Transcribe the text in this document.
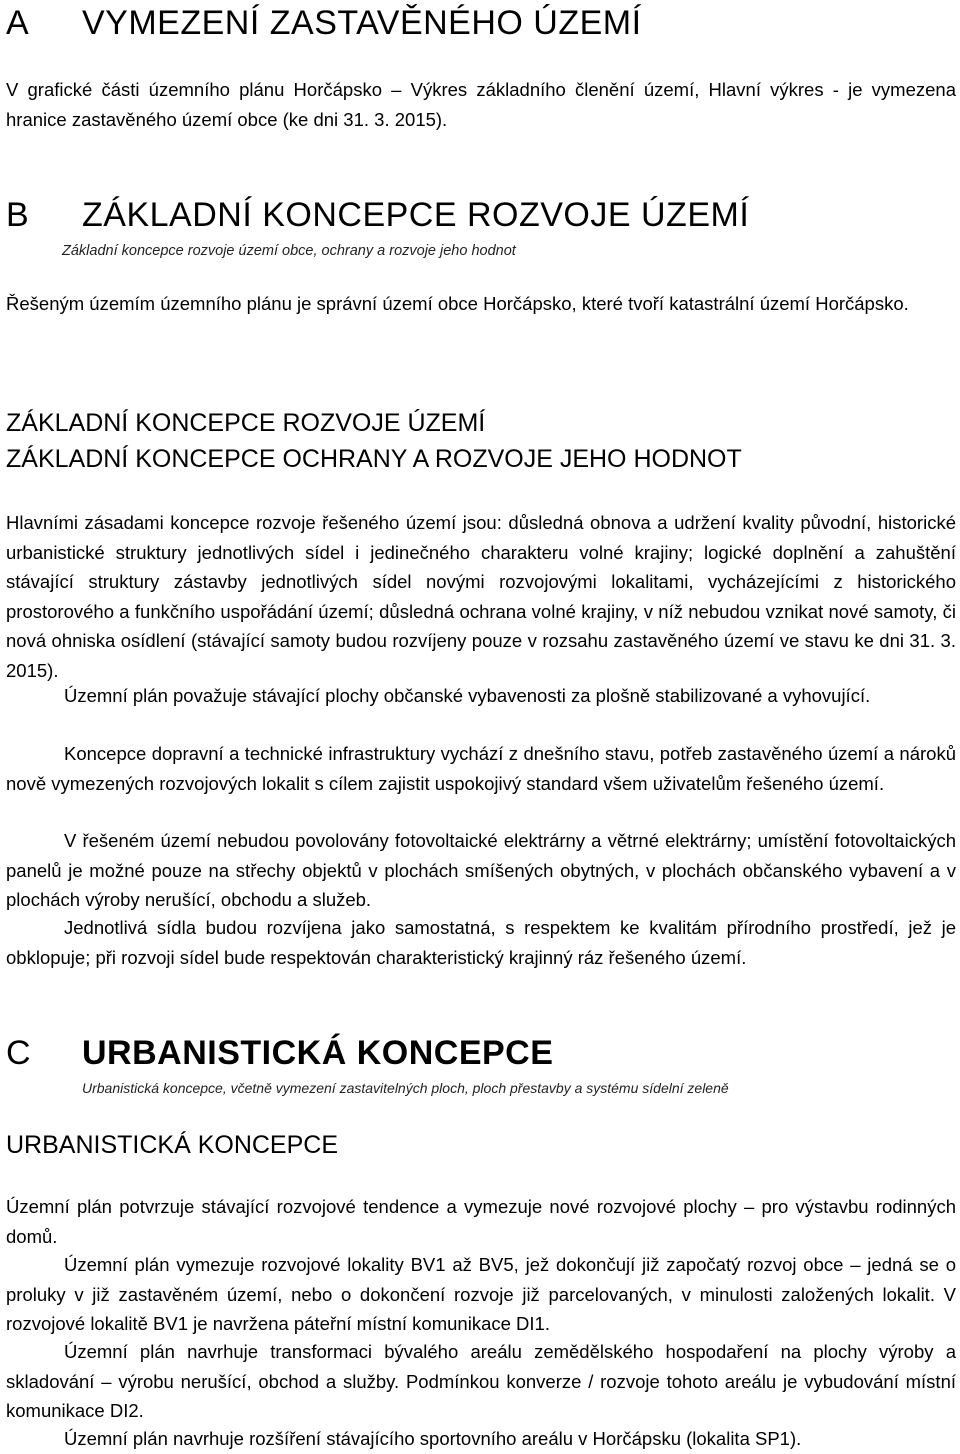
A VYMEZENÍ ZASTAVĚNÉHO ÚZEMÍ
V grafické části územního plánu Horčápsko – Výkres základního členění území, Hlavní výkres - je vymezena hranice zastavěného území obce (ke dni 31. 3. 2015).
B ZÁKLADNÍ KONCEPCE ROZVOJE ÚZEMÍ
Základní koncepce rozvoje území obce, ochrany a rozvoje jeho hodnot
Řešeným územím územního plánu je správní území obce Horčápsko, které tvoří katastrální území Horčápsko.
ZÁKLADNÍ KONCEPCE ROZVOJE ÚZEMÍ
ZÁKLADNÍ KONCEPCE OCHRANY A ROZVOJE JEHO HODNOT
Hlavními zásadami koncepce rozvoje řešeného území jsou: důsledná obnova a udržení kvality původní, historické urbanistické struktury jednotlivých sídel i jedinečného charakteru volné krajiny; logické doplnění a zahuštění stávající struktury zástavby jednotlivých sídel novými rozvojovými lokalitami, vycházejícími z historického prostorového a funkčního uspořádání území; důsledná ochrana volné krajiny, v níž nebudou vznikat nové samoty, či nová ohniska osídlení (stávající samoty budou rozvíjeny pouze v rozsahu zastavěného území ve stavu ke dni 31. 3. 2015).
Územní plán považuje stávající plochy občanské vybavenosti za plošně stabilizované a vyhovující.
Koncepce dopravní a technické infrastruktury vychází z dnešního stavu, potřeb zastavěného území a nároků nově vymezených rozvojových lokalit s cílem zajistit uspokojivý standard všem uživatelům řešeného území.
V řešeném území nebudou povolovány fotovoltaické elektrárny a větrné elektrárny; umístění fotovoltaických panelů je možné pouze na střechy objektů v plochách smíšených obytných, v plochách občanského vybavení a v plochách výroby nerušící, obchodu a služeb.
Jednotlivá sídla budou rozvíjena jako samostatná, s respektem ke kvalitám přírodního prostředí, jež je obklopuje; při rozvoji sídel bude respektován charakteristický krajinný ráz řešeného území.
C URBANISTICKÁ KONCEPCE
Urbanistická koncepce, včetně vymezení zastavitelných ploch, ploch přestavby a systému sídelní zeleně
URBANISTICKÁ KONCEPCE
Územní plán potvrzuje stávající rozvojové tendence a vymezuje nové rozvojové plochy – pro výstavbu rodinných domů.
Územní plán vymezuje rozvojové lokality BV1 až BV5, jež dokončují již započatý rozvoj obce – jedná se o proluky v již zastavěném území, nebo o dokončení rozvoje již parcelovaných, v minulosti založených lokalit. V rozvojové lokalitě BV1 je navržena páteřní místní komunikace DI1.
Územní plán navrhuje transformaci bývalého areálu zemědělského hospodaření na plochy výroby a skladování – výrobu nerušící, obchod a služby. Podmínkou konverze / rozvoje tohoto areálu je vybudování místní komunikace DI2.
Územní plán navrhuje rozšíření stávajícího sportovního areálu v Horčápsku (lokalita SP1).
